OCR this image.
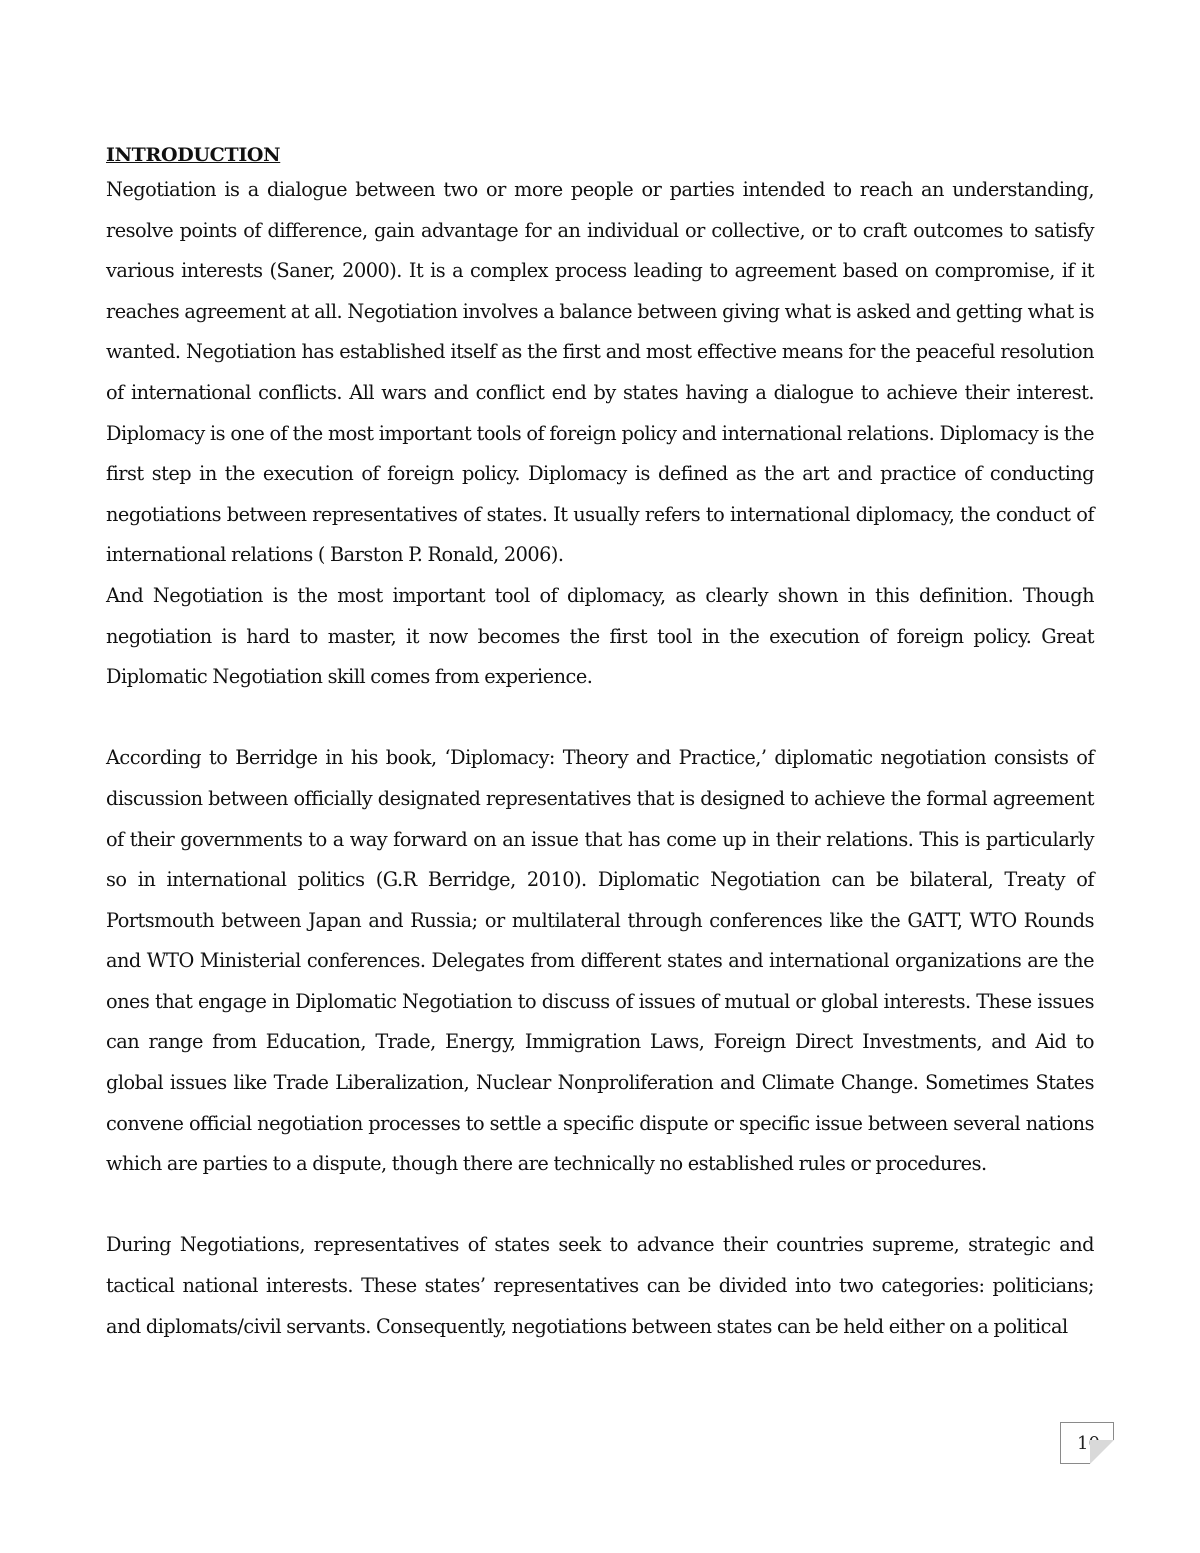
INTRODUCTION

Negotiation is a dialogue between two or more people or parties intended to reach an understanding, resolve points of difference, gain advantage for an individual or collective, or to craft outcomes to satisfy various interests (Saner, 2000). It is a complex process leading to agreement based on compromise, if it reaches agreement at all. Negotiation involves a balance between giving what is asked and getting what is wanted. Negotiation has established itself as the first and most effective means for the peaceful resolution of international conflicts. All wars and conflict end by states having a dialogue to achieve their interest. Diplomacy is one of the most important tools of foreign policy and international relations. Diplomacy is the first step in the execution of foreign policy. Diplomacy is defined as the art and practice of conducting negotiations between representatives of states. It usually refers to international diplomacy, the conduct of international relations ( Barston P. Ronald, 2006).

And Negotiation is the most important tool of diplomacy, as clearly shown in this definition. Though negotiation is hard to master, it now becomes the first tool in the execution of foreign policy. Great Diplomatic Negotiation skill comes from experience.

According to Berridge in his book, ‘Diplomacy: Theory and Practice,’ diplomatic negotiation consists of discussion between officially designated representatives that is designed to achieve the formal agreement of their governments to a way forward on an issue that has come up in their relations. This is particularly so in international politics (G.R Berridge, 2010). Diplomatic Negotiation can be bilateral, Treaty of Portsmouth between Japan and Russia; or multilateral through conferences like the GATT, WTO Rounds and WTO Ministerial conferences. Delegates from different states and international organizations are the ones that engage in Diplomatic Negotiation to discuss of issues of mutual or global interests. These issues can range from Education, Trade, Energy, Immigration Laws, Foreign Direct Investments, and Aid to global issues like Trade Liberalization, Nuclear Nonproliferation and Climate Change. Sometimes States convene official negotiation processes to settle a specific dispute or specific issue between several nations which are parties to a dispute, though there are technically no established rules or procedures.

During Negotiations, representatives of states seek to advance their countries supreme, strategic and tactical national interests. These states’ representatives can be divided into two categories: politicians; and diplomats/civil servants. Consequently, negotiations between states can be held either on a political

10
